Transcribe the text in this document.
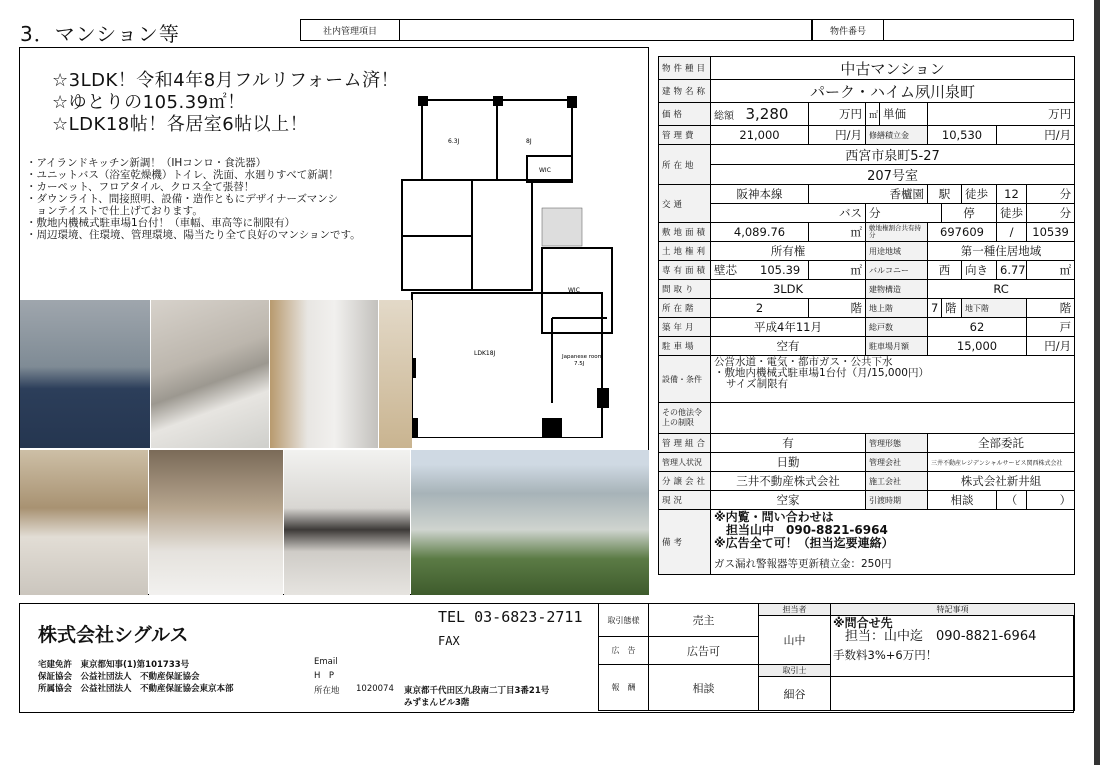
3．マンション等	社内管理項目	物件番号
☆3LDK！令和4年8月フルリフォーム済！
☆ゆとりの105.39㎡！
☆LDK18帖！各居室6帖以上！
・アイランドキッチン新調！（IHコンロ・食洗器）
・ユニットバス（浴室乾燥機）トイレ、洗面、水廻りすべて新調！
・カーペット、フロアタイル、クロス全て張替！
・ダウンライト、間接照明、設備・造作ともにデザイナーズマンシ
　ョンテイストで仕上げております。
・敷地内機械式駐車場1台付！（車幅、車高等に制限有）
・周辺環境、住環境、管理環境、陽当たり全て良好のマンションです。
6.3J	8J
WIC
WIC
LDK18J	Japanese room
7.5J
物件種目	中古マンション								
建物名称	パーク・ハイム夙川泉町								
価格	総額　 3,280	万円	㎡	単価	万円				
管理費	21,000	円/月	修繕積立金		10,530			円/月	
所在地	西宮市泉町5-27								
	207号室								
交通	阪神本線	香櫨園			駅		徒歩	12	分
	バス		分			停		徒歩	分
敷地面積	4,089.76	㎡	敷地権割合共有持分		697609			/	10539
土地権利	所有権		用途地域		第一種住居地域				
専有面積	壁芯　　 105.39	㎡	バルコニー		西		向き	6.77	㎡
間取り	3LDK		建物構造		RC				
所在階	2	階	地上階		7	階	地下階		階
築年月	平成4年11月		総戸数		62				戸
駐車場	空有		駐車場月額		15,000				円/月
設備・条件	公営水道・電気・都市ガス・公共下水
・敷地内機械式駐車場1台付（月/15,000円）
サイズ制限有								

その他法令上の制限									
管理組合	有		管理形態		全部委託				
管理人状況	日勤		管理会社		三井不動産レジデンシャルサービス関西株式会社				
分譲会社	三井不動産株式会社		施工会社		株式会社新井組				
現況	空家		引渡時期		相談			（	）
備考	※内覧・問い合わせは
担当山中　090-8821-6964
※広告全て可！（担当迄要連絡）
ガス漏れ警報器等更新積立金：250円								
株式会社シグルス
TEL 03-6823-2711
FAX
Email
H　P
宅建免許　東京都知事(1)第101733号
保証協会　公益社団法人　不動産保証協会
所属協会　公益社団法人　不動産保証協会東京本部	所在地 1020074 東京都千代田区九段南二丁目3番21号
みずまんビル3階
取引態様	売主	担当者	特記事項
		山中	※問合せ先
担当：山中迄　090-8821-6964
手数料3%+6万円！

広　告	広告可		
報　酬	相談	取引士	
		細谷	
